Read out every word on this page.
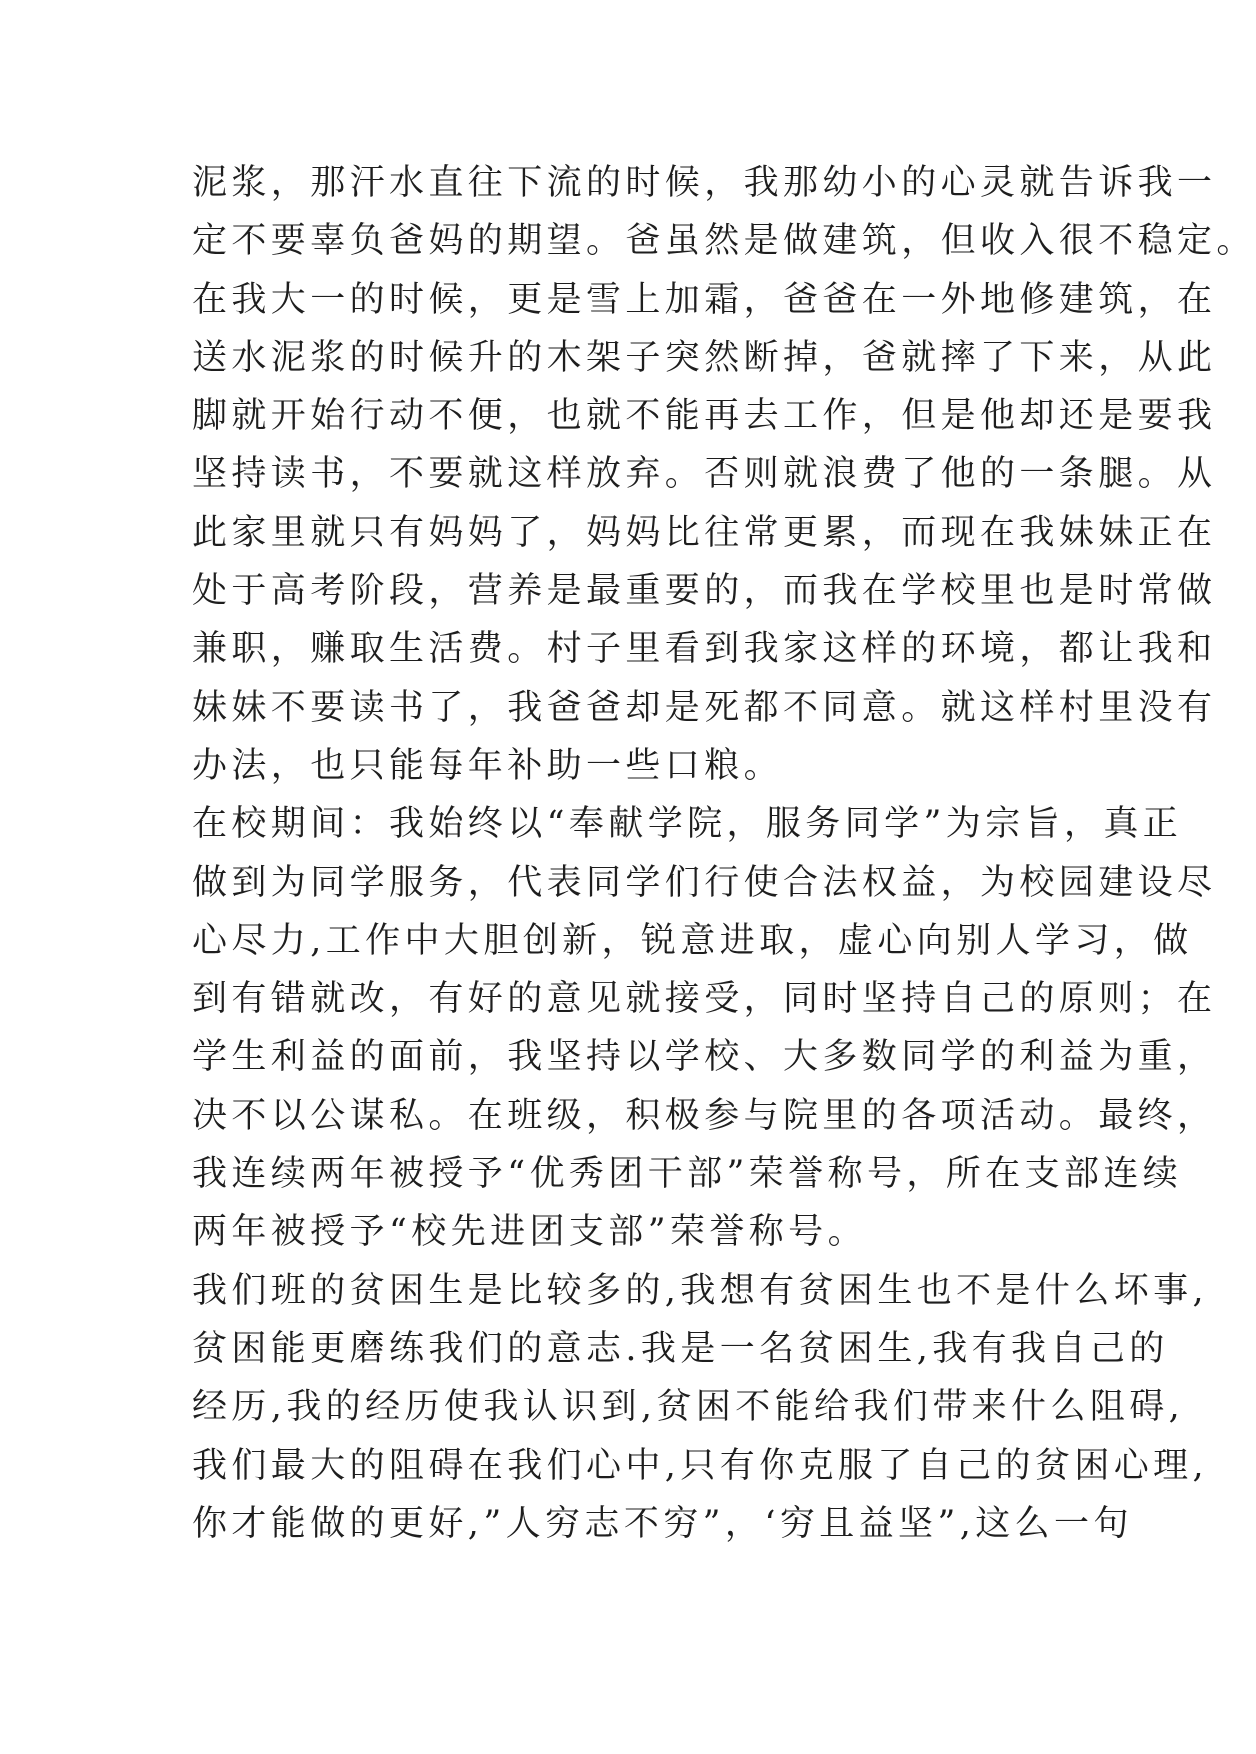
泥浆，那汗水直往下流的时候，我那幼小的心灵就告诉我一
定不要辜负爸妈的期望。爸虽然是做建筑，但收入很不稳定。
在我大一的时候，更是雪上加霜，爸爸在一外地修建筑，在
送水泥浆的时候升的木架子突然断掉，爸就摔了下来，从此
脚就开始行动不便，也就不能再去工作，但是他却还是要我
坚持读书，不要就这样放弃。否则就浪费了他的一条腿。从
此家里就只有妈妈了，妈妈比往常更累，而现在我妹妹正在
处于高考阶段，营养是最重要的，而我在学校里也是时常做
兼职，赚取生活费。村子里看到我家这样的环境，都让我和
妹妹不要读书了，我爸爸却是死都不同意。就这样村里没有
办法，也只能每年补助一些口粮。
在校期间：我始终以“奉献学院，服务同学”为宗旨，真正
做到为同学服务，代表同学们行使合法权益，为校园建设尽
心尽力,工作中大胆创新，锐意进取，虚心向别人学习，做
到有错就改，有好的意见就接受，同时坚持自己的原则；在
学生利益的面前，我坚持以学校、大多数同学的利益为重，
决不以公谋私。在班级，积极参与院里的各项活动。最终，
我连续两年被授予“优秀团干部”荣誉称号，所在支部连续
两年被授予“校先进团支部”荣誉称号。
我们班的贫困生是比较多的,我想有贫困生也不是什么坏事,
贫困能更磨练我们的意志.我是一名贫困生,我有我自己的
经历,我的经历使我认识到,贫困不能给我们带来什么阻碍,
我们最大的阻碍在我们心中,只有你克服了自己的贫困心理,
你才能做的更好,”人穷志不穷”，‘穷且益坚”,这么一句
